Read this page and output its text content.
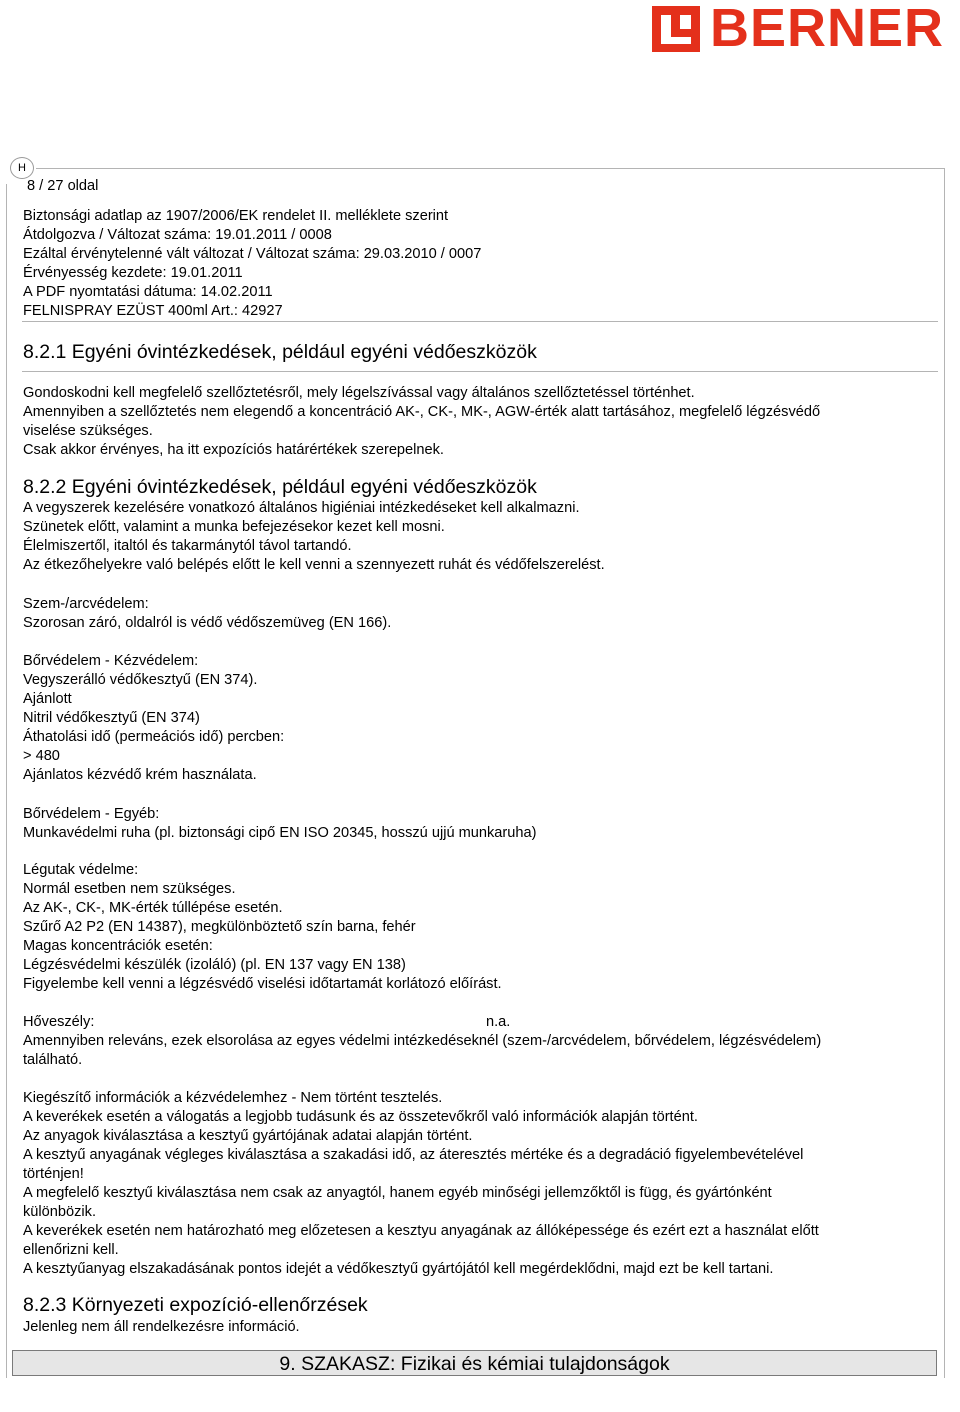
BERNER
H
8 / 27 oldal
Biztonsági adatlap az 1907/2006/EK rendelet II. melléklete szerint
Átdolgozva / Változat száma: 19.01.2011 / 0008
Ezáltal érvénytelenné vált változat / Változat száma: 29.03.2010 / 0007
Érvényesség kezdete: 19.01.2011
A PDF nyomtatási dátuma: 14.02.2011
FELNISPRAY EZÜST 400ml Art.: 42927
8.2.1 Egyéni óvintézkedések, például egyéni védőeszközök
Gondoskodni kell megfelelő szellőztetésről, mely légelszívással vagy általános szellőztetéssel történhet.
Amennyiben a szellőztetés nem elegendő a koncentráció AK-, CK-, MK-, AGW-érték alatt tartásához, megfelelő légzésvédő
viselése szükséges.
Csak akkor érvényes, ha itt expozíciós határértékek szerepelnek.
8.2.2 Egyéni óvintézkedések, például egyéni védőeszközök
A vegyszerek kezelésére vonatkozó általános higiéniai intézkedéseket kell alkalmazni.
Szünetek előtt, valamint a munka befejezésekor kezet kell mosni.
Élelmiszertől, italtól és takarmánytól távol tartandó.
Az étkezőhelyekre való belépés előtt le kell venni a szennyezett ruhát és védőfelszerelést.
Szem-/arcvédelem:
Szorosan záró, oldalról is védő védőszemüveg (EN 166).
Bőrvédelem - Kézvédelem:
Vegyszerálló védőkesztyű (EN 374).
Ajánlott
Nitril védőkesztyű (EN 374)
Áthatolási idő (permeációs idő) percben:
> 480
Ajánlatos kézvédő krém használata.
Bőrvédelem - Egyéb:
Munkavédelmi ruha (pl. biztonsági cipő EN ISO 20345, hosszú ujjú munkaruha)
Légutak védelme:
Normál esetben nem szükséges.
Az AK-, CK-, MK-érték túllépése esetén.
Szűrő A2 P2 (EN 14387), megkülönböztető szín barna, fehér
Magas koncentrációk esetén:
Légzésvédelmi készülék (izoláló) (pl. EN 137 vagy EN 138)
Figyelembe kell venni a légzésvédő viselési időtartamát korlátozó előírást.
Hőveszély:	n.a.
Amennyiben releváns, ezek elsorolása az egyes védelmi intézkedéseknél (szem-/arcvédelem, bőrvédelem, légzésvédelem)
található.
Kiegészítő információk a kézvédelemhez - Nem történt tesztelés.
A keverékek esetén a válogatás a legjobb tudásunk és az összetevőkről való információk alapján történt.
Az anyagok kiválasztása a kesztyű gyártójának adatai alapján történt.
A kesztyű anyagának végleges kiválasztása a szakadási idő, az áteresztés mértéke és a degradáció figyelembevételével
történjen!
A megfelelő kesztyű kiválasztása nem csak az anyagtól, hanem egyéb minőségi jellemzőktől is függ, és gyártónként
különbözik.
A keverékek esetén nem határozható meg előzetesen a kesztyu anyagának az állóképessége és ezért ezt a használat előtt
ellenőrizni kell.
A kesztyűanyag elszakadásának pontos idejét a védőkesztyű gyártójától kell megérdeklődni, majd ezt be kell tartani.
8.2.3 Környezeti expozíció-ellenőrzések
Jelenleg nem áll rendelkezésre információ.
9. SZAKASZ: Fizikai és kémiai tulajdonságok
